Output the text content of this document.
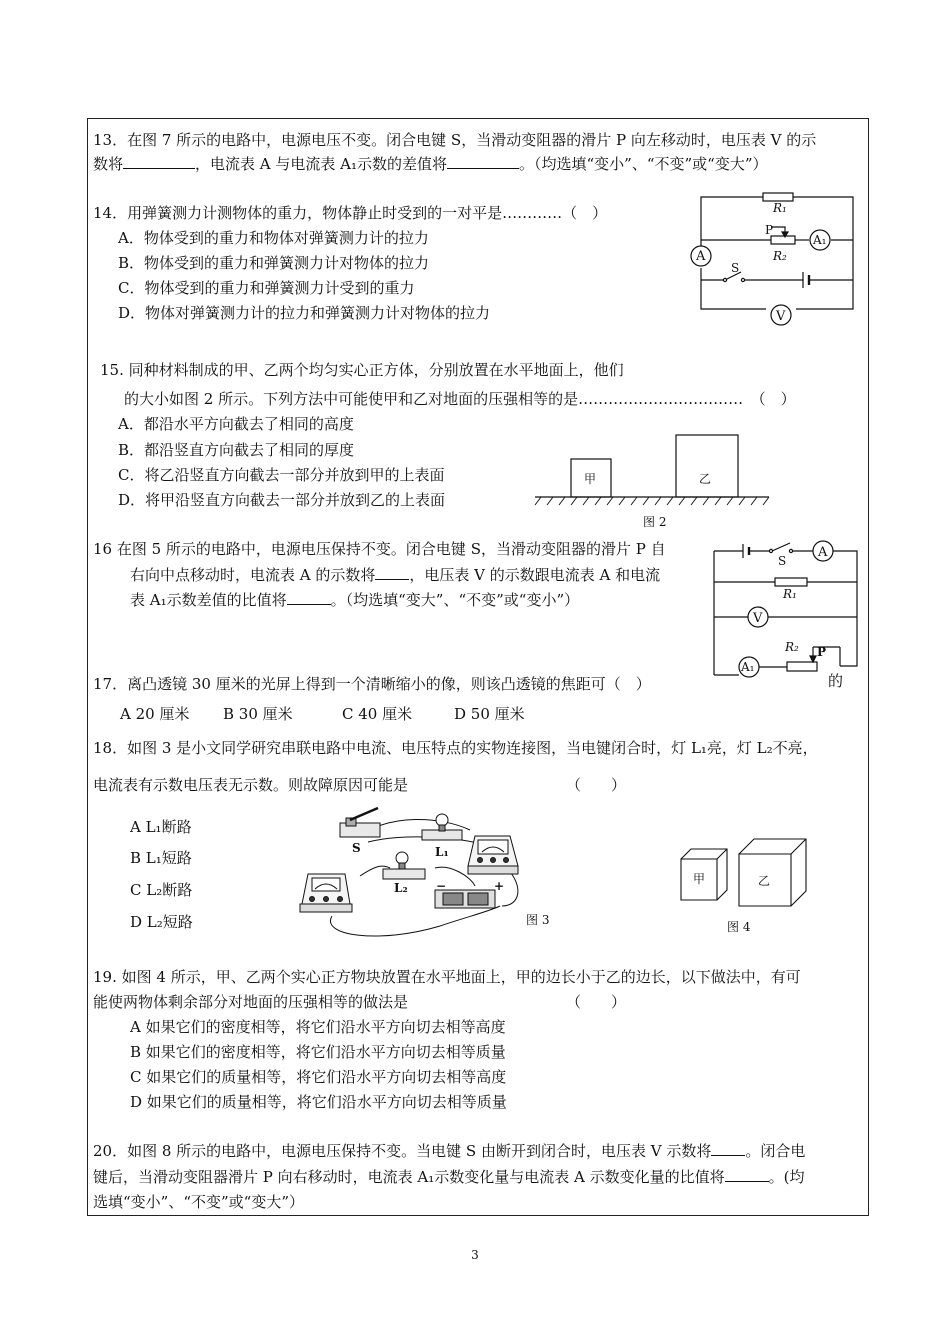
13．在图 7 所示的电路中，电源电压不变。闭合电键 S，当滑动变阻器的滑片 P 向左移动时，电压表 V 的示
数将	，电流表 A 与电流表 A₁示数的差值将	。（均选填“变小”、“不变”或“变大”）
14．用弹簧测力计测物体的重力，物体静止时受到的一对平是…………（　）
A．物体受到的重力和物体对弹簧测力计的拉力
B．物体受到的重力和弹簧测力计对物体的拉力
C．物体受到的重力和弹簧测力计受到的重力
D．物体对弹簧测力计的拉力和弹簧测力计对物体的拉力
R₁
P
R₂
A
A₁
S
V
15. 同种材料制成的甲、乙两个均匀实心正方体，分别放置在水平地面上，他们
的大小如图 2 所示。下列方法中可能使甲和乙对地面的压强相等的是……………………………　（　）
A．都沿水平方向截去了相同的高度
B．都沿竖直方向截去了相同的厚度
C．将乙沿竖直方向截去一部分并放到甲的上表面
D．将甲沿竖直方向截去一部分并放到乙的上表面
甲	乙
图 2
16 在图 5 所示的电路中，电源电压保持不变。闭合电键 S，当滑动变阻器的滑片 P 自
右向中点移动时，电流表 A 的示数将 ，电压表 V 的示数跟电流表 A 和电流
表 A₁示数差值的比值将	。（均选填“变大”、“不变”或“变小”）
的
A
S
R₁
V
R₂ P
A₁
17．离凸透镜 30 厘米的光屏上得到一个清晰缩小的像，则该凸透镜的焦距可（　）
A 20 厘米 B 30 厘米	C 40 厘米	D 50 厘米
18．如图 3 是小文同学研究串联电路中电流、电压特点的实物连接图，当电键闭合时，灯 L₁亮，灯 L₂不亮，
电流表有示数电压表无示数。则故障原因可能是	（　　）
A L₁断路
B L₁短路
C L₂断路
D L₂短路
S	L₁
L₂ −	+
图 3
甲	乙
图 4
19. 如图 4 所示，甲、乙两个实心正方物块放置在水平地面上，甲的边长小于乙的边长，以下做法中，有可
能使两物体剩余部分对地面的压强相等的做法是	（　　）
A 如果它们的密度相等，将它们沿水平方向切去相等高度
B 如果它们的密度相等，将它们沿水平方向切去相等质量
C 如果它们的质量相等，将它们沿水平方向切去相等高度
D 如果它们的质量相等，将它们沿水平方向切去相等质量
20．如图 8 所示的电路中，电源电压保持不变。当电键 S 由断开到闭合时，电压表 V 示数将 。闭合电
键后，当滑动变阻器滑片 P 向右移动时，电流表 A₁示数变化量与电流表 A 示数变化量的比值将	。(均
选填“变小”、“不变”或“变大”）
3
